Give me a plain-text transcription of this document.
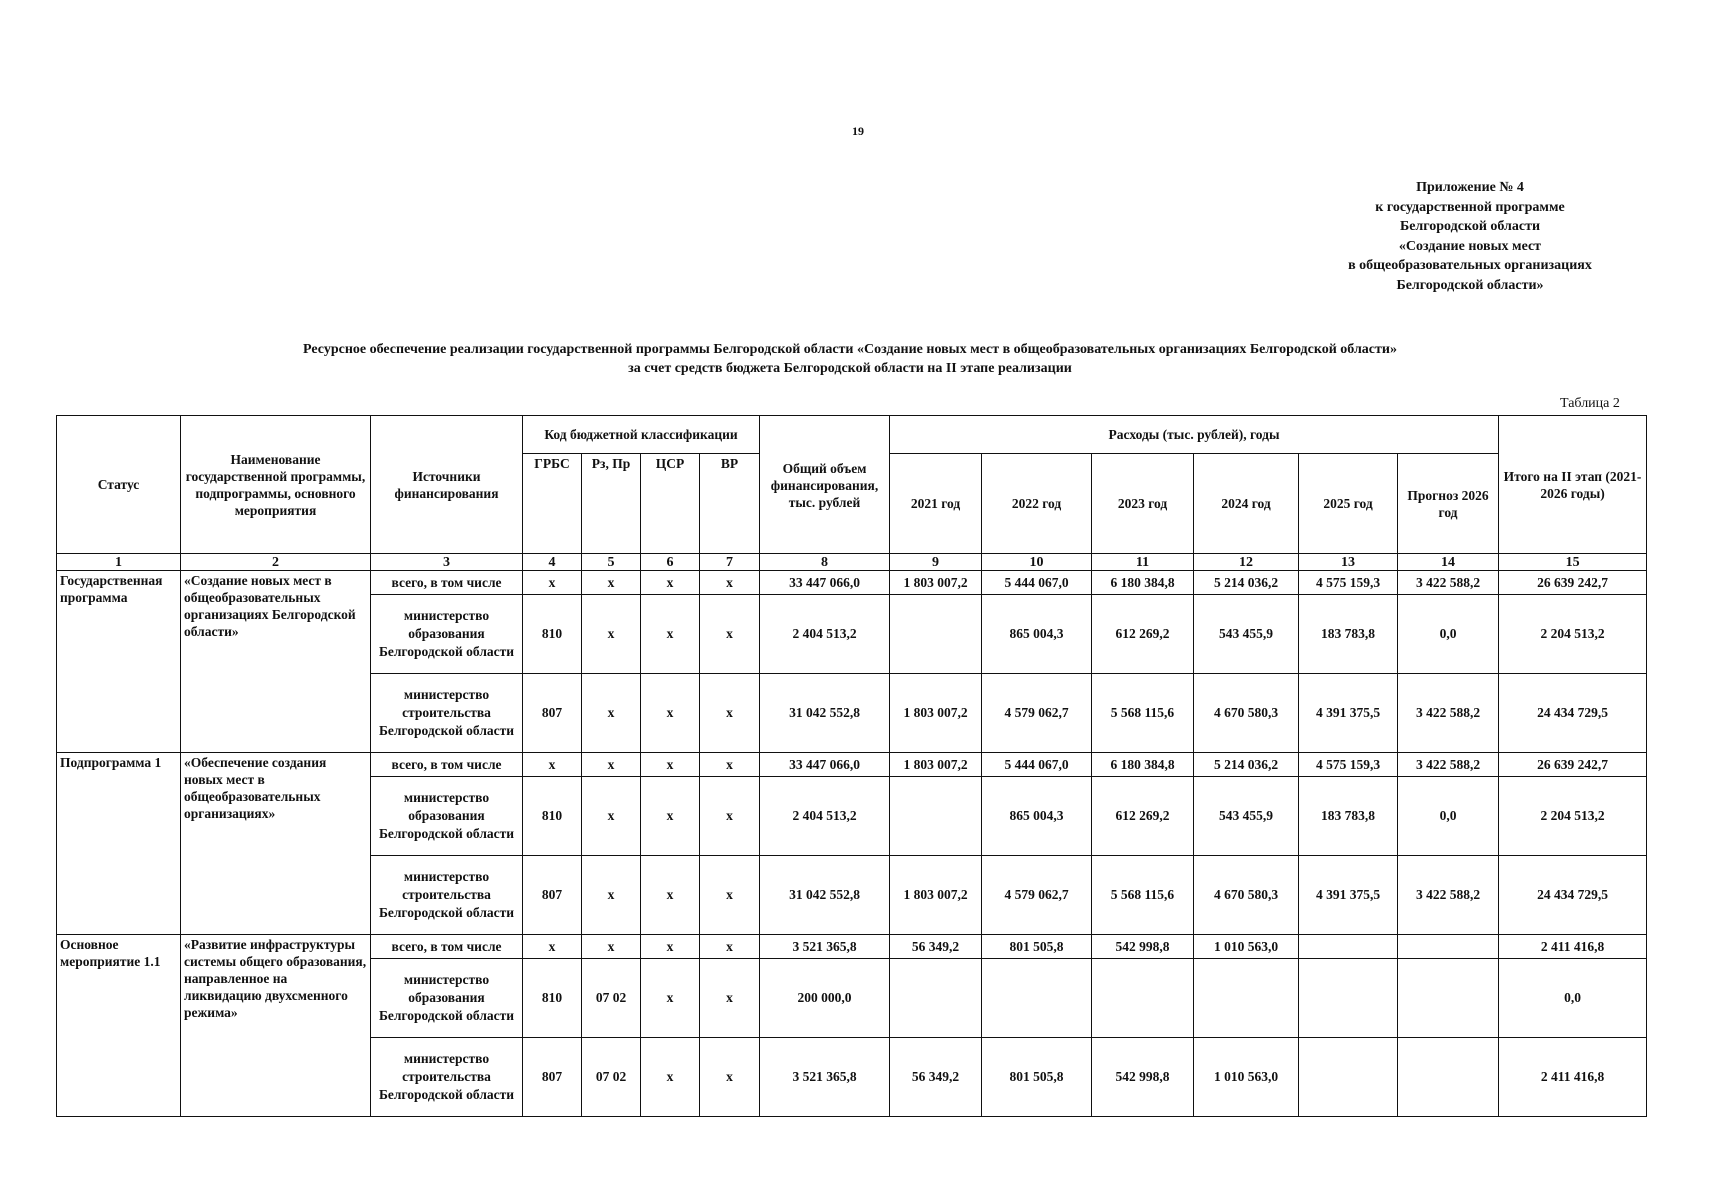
19
Приложение № 4
к государственной программе
Белгородской области
«Создание новых мест
в общеобразовательных организациях
Белгородской области»
Ресурсное обеспечение реализации государственной программы Белгородской области «Создание новых мест в общеобразовательных организациях Белгородской области»
за счет средств бюджета Белгородской области на II этапе реализации
Таблица 2
Статус	Наименование государственной программы, подпрограммы, основного мероприятия	Источники финансирования	Код бюджетной классификации				Общий объем финансирования, тыс. рублей	Расходы (тыс. рублей), годы						Итого на II этап (2021-2026 годы)
			ГРБС	Рз, Пр	ЦСР	ВР		2021 год	2022 год	2023 год	2024 год	2025 год	Прогноз 2026 год	
1	2	3	4	5	6	7	8	9	10	11	12	13	14	15
Государственная программа	«Создание новых мест в общеобразовательных организациях Белгородской области»	всего, в том числе	х	х	х	х	33 447 066,0	1 803 007,2	5 444 067,0	6 180 384,8	5 214 036,2	4 575 159,3	3 422 588,2	26 639 242,7
		министерство образования Белгородской области	810	х	х	х	2 404 513,2		865 004,3	612 269,2	543 455,9	183 783,8	0,0	2 204 513,2
		министерство строительства Белгородской области	807	х	х	х	31 042 552,8	1 803 007,2	4 579 062,7	5 568 115,6	4 670 580,3	4 391 375,5	3 422 588,2	24 434 729,5
Подпрограмма 1	«Обеспечение создания новых мест в общеобразовательных организациях»	всего, в том числе	х	х	х	х	33 447 066,0	1 803 007,2	5 444 067,0	6 180 384,8	5 214 036,2	4 575 159,3	3 422 588,2	26 639 242,7
		министерство образования Белгородской области	810	х	х	х	2 404 513,2		865 004,3	612 269,2	543 455,9	183 783,8	0,0	2 204 513,2
		министерство строительства Белгородской области	807	х	х	х	31 042 552,8	1 803 007,2	4 579 062,7	5 568 115,6	4 670 580,3	4 391 375,5	3 422 588,2	24 434 729,5
Основное мероприятие 1.1	«Развитие инфраструктуры системы общего образования, направленное на ликвидацию двухсменного режима»	всего, в том числе	х	х	х	х	3 521 365,8	56 349,2	801 505,8	542 998,8	1 010 563,0			2 411 416,8
		министерство образования Белгородской области	810	07 02	х	х	200 000,0							0,0
		министерство строительства Белгородской области	807	07 02	х	х	3 521 365,8	56 349,2	801 505,8	542 998,8	1 010 563,0			2 411 416,8
